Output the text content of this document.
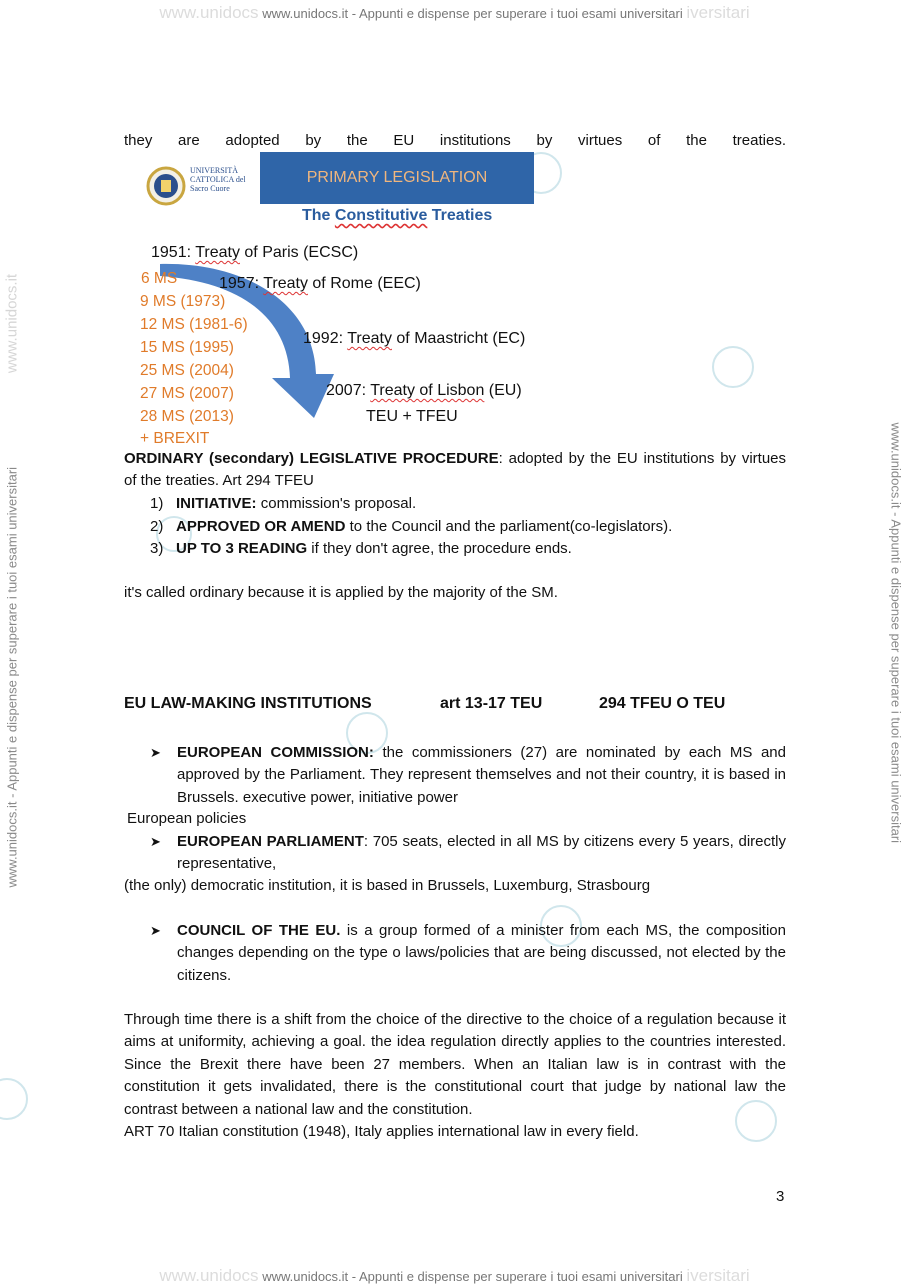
www.unidocs www.unidocs.it - Appunti e dispense per superare i tuoi esami universitari iversitari
www.unidocs www.unidocs.it - Appunti e dispense per superare i tuoi esami universitari iversitari
www.unidocs.it - Appunti e dispense per superare i tuoi esami universitari
www.unidocs.it
www.unidocs.it - Appunti e dispense per superare i tuoi esami universitari
they are adopted by the EU institutions by virtues of the treaties.
UNIVERSITÀ CATTOLICA del Sacro Cuore
PRIMARY LEGISLATION
The Constitutive Treaties
1951: Treaty of Paris (ECSC)
1957: Treaty of Rome (EEC)
1992: Treaty of Maastricht (EC)
2007: Treaty of Lisbon (EU)
TEU + TFEU
6 MS
9 MS (1973)
12 MS (1981-6)
15 MS (1995)
25 MS (2004)
27 MS (2007)
28 MS (2013)
+ BREXIT
ORDINARY (secondary) LEGISLATIVE PROCEDURE: adopted by the EU institutions by virtues of the treaties. Art 294 TFEU
1) INITIATIVE: commission's proposal.
2) APPROVED OR AMEND to the Council and the parliament(co-legislators).
3) UP TO 3 READING if they don't agree, the procedure ends.
it's called ordinary because it is applied by the majority of the SM.
EU LAW-MAKING INSTITUTIONS	art 13-17 TEU	294 TFEU O TEU
➤ EUROPEAN COMMISSION: the commissioners (27) are nominated by each MS and approved by the Parliament. They represent themselves and not their country, it is based in Brussels. executive power, initiative power
European policies
➤ EUROPEAN PARLIAMENT: 705 seats, elected in all MS by citizens every 5 years, directly representative,
(the only) democratic institution, it is based in Brussels, Luxemburg, Strasbourg
➤ COUNCIL OF THE EU. is a group formed of a minister from each MS, the composition changes depending on the type o laws/policies that are being discussed, not elected by the citizens.
Through time there is a shift from the choice of the directive to the choice of a regulation because it aims at uniformity, achieving a goal. the idea regulation directly applies to the countries interested. Since the Brexit there have been 27 members. When an Italian law is in contrast with the constitution it gets invalidated, there is the constitutional court that judge by national law the contrast between a national law and the constitution.
ART 70 Italian constitution (1948), Italy applies international law in every field.
3
